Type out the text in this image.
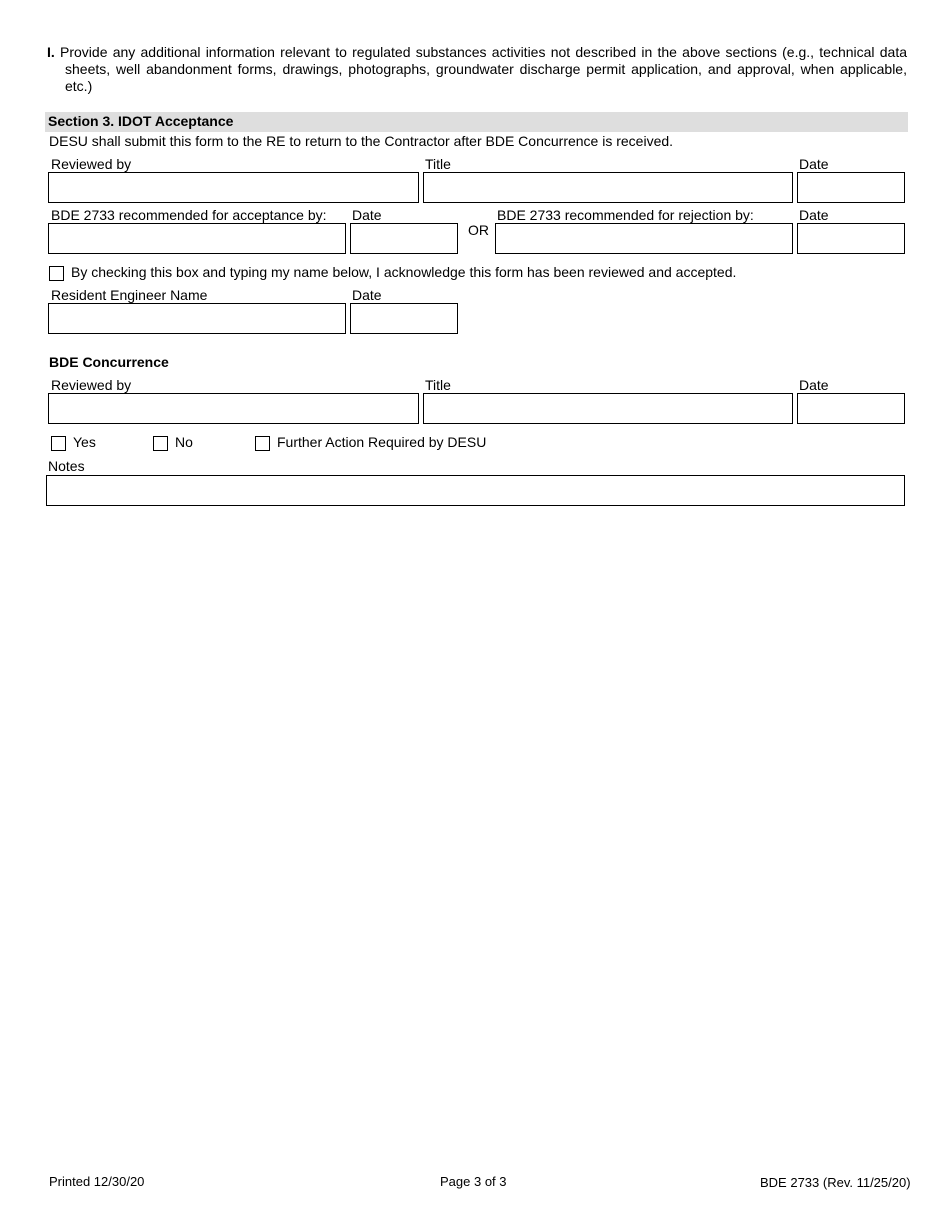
I. Provide any additional information relevant to regulated substances activities not described in the above sections (e.g., technical data sheets, well abandonment forms, drawings, photographs, groundwater discharge permit application, and approval, when applicable, etc.)
Section 3. IDOT Acceptance
DESU shall submit this form to the RE to return to the Contractor after BDE Concurrence is received.
Reviewed by	Title	Date
BDE 2733 recommended for acceptance by: Date	BDE 2733 recommended for rejection by:	Date
OR
By checking this box and typing my name below, I acknowledge this form has been reviewed and accepted.
Resident Engineer Name	Date
BDE Concurrence
Reviewed by	Title	Date
Yes	No	Further Action Required by DESU
Notes
Printed 12/30/20	Page 3 of 3	BDE 2733 (Rev. 11/25/20)
